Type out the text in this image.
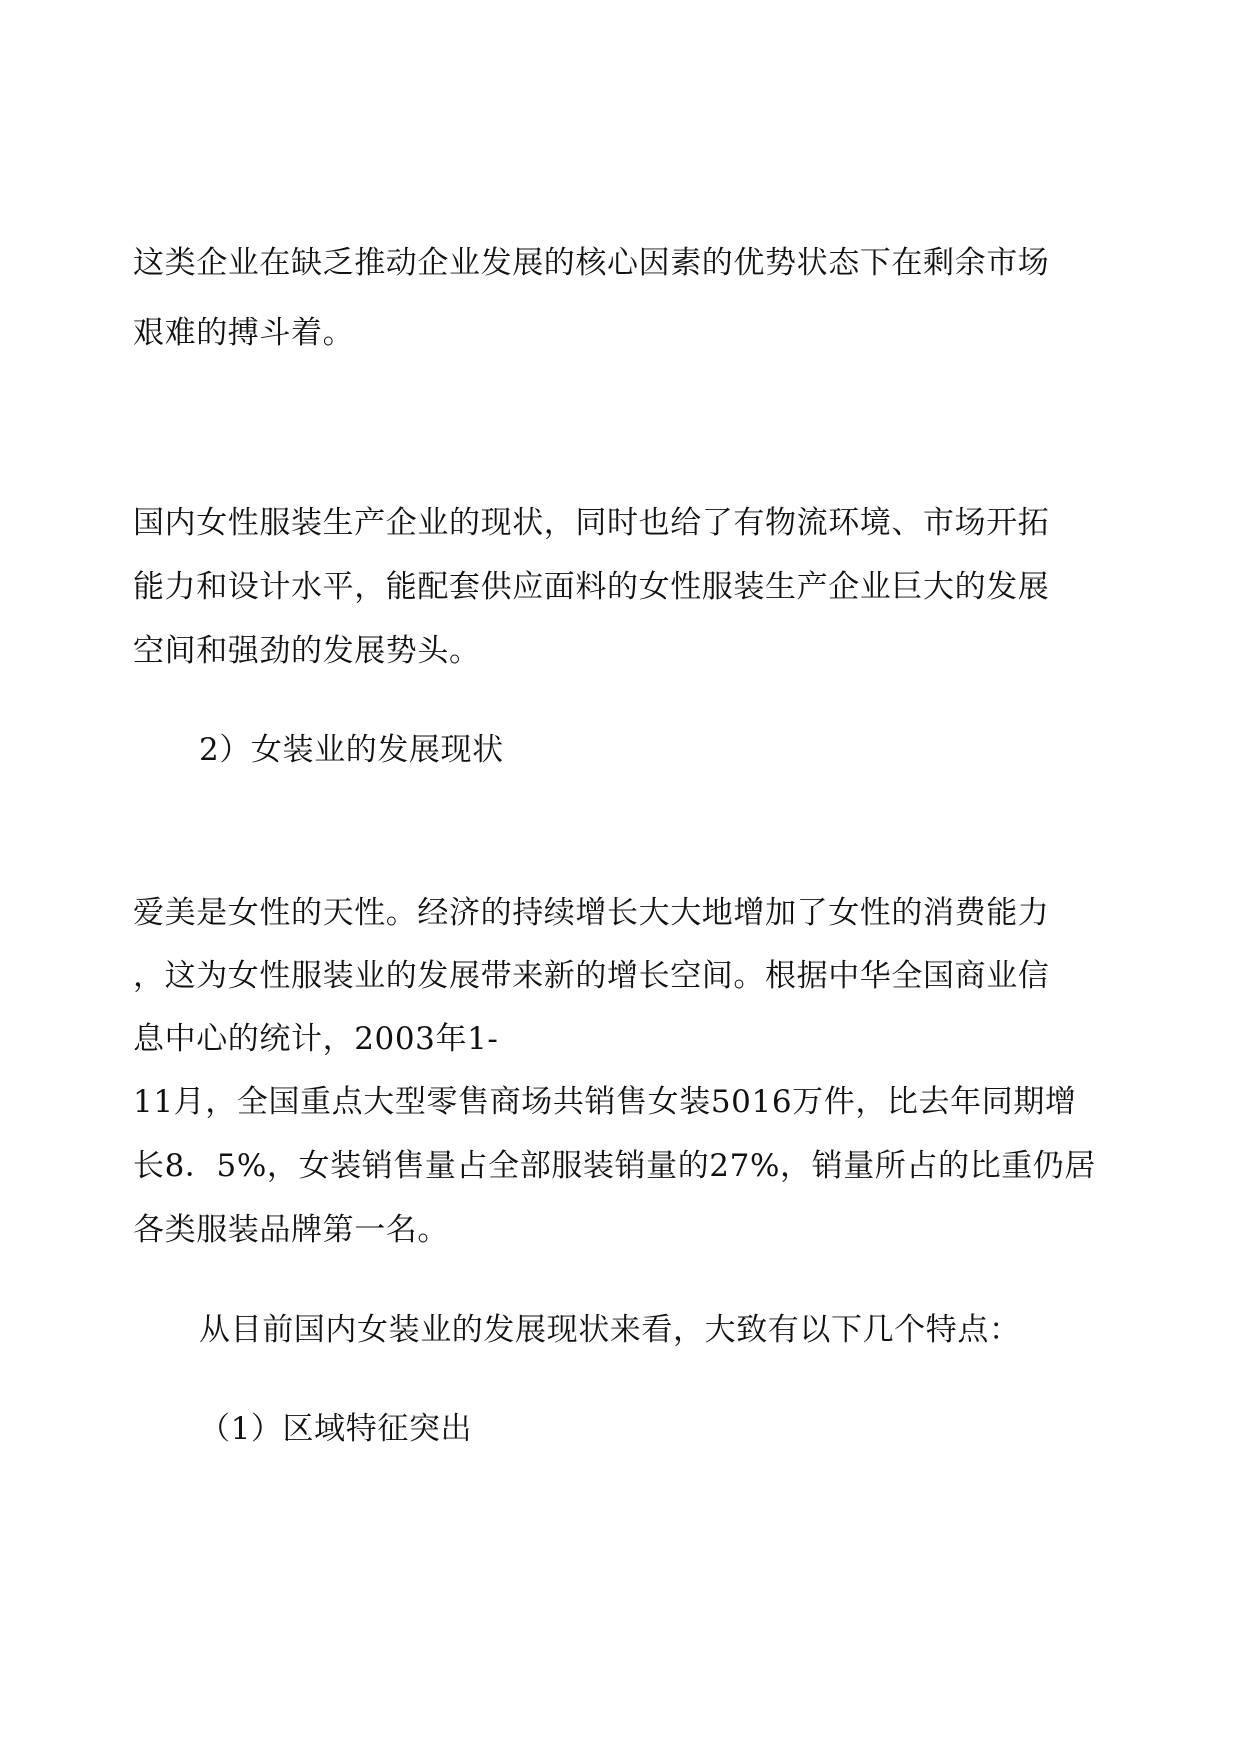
这类企业在缺乏推动企业发展的核心因素的优势状态下在剩余市场
艰难的搏斗着。
国内女性服装生产企业的现状，同时也给了有物流环境、市场开拓
能力和设计水平，能配套供应面料的女性服装生产企业巨大的发展
空间和强劲的发展势头。
2）女装业的发展现状
爱美是女性的天性。经济的持续增长大大地增加了女性的消费能力
，这为女性服装业的发展带来新的增长空间。根据中华全国商业信
息中心的统计，2003年1-
11月，全国重点大型零售商场共销售女装5016万件，比去年同期增
长8．5%，女装销售量占全部服装销量的27%，销量所占的比重仍居
各类服装品牌第一名。
从目前国内女装业的发展现状来看，大致有以下几个特点：
（1）区域特征突出
